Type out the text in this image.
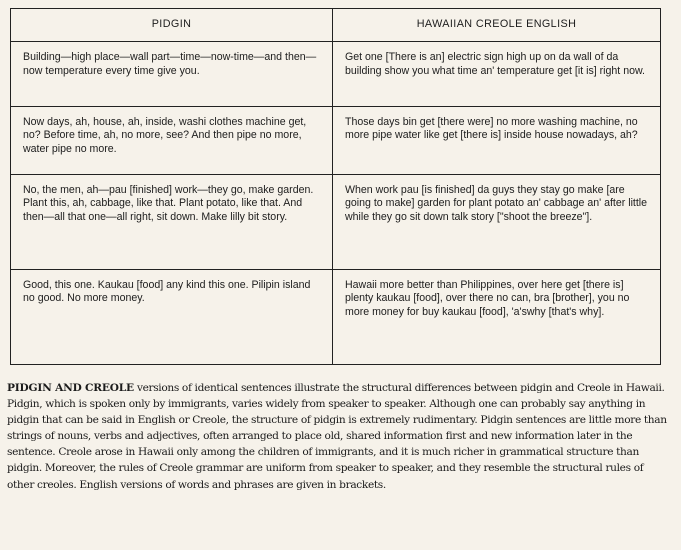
PIDGIN	HAWAIIAN CREOLE ENGLISH
Building—high place—wall part—time—now-time—and then—now temperature every time give you.	Get one [There is an] electric sign high up on da wall of da building show you what time an' temperature get [it is] right now.
Now days, ah, house, ah, inside, washi clothes machine get, no? Before time, ah, no more, see? And then pipe no more, water pipe no more.	Those days bin get [there were] no more washing machine, no more pipe water like get [there is] inside house nowadays, ah?
No, the men, ah—pau [finished] work—they go, make garden. Plant this, ah, cabbage, like that. Plant potato, like that. And then—all that one—all right, sit down. Make lilly bit story.	When work pau [is finished] da guys they stay go make [are going to make] garden for plant potato an' cabbage an' after little while they go sit down talk story ["shoot the breeze"].
Good, this one. Kaukau [food] any kind this one. Pilipin island no good. No more money.	Hawaii more better than Philippines, over here get [there is] plenty kaukau [food], over there no can, bra [brother], you no more money for buy kaukau [food], 'a'swhy [that's why].
PIDGIN AND CREOLE versions of identical sentences illustrate the structural differences between pidgin and Creole in Hawaii. Pidgin, which is spoken only by immigrants, varies widely from speaker to speaker. Although one can probably say anything in pidgin that can be said in English or Creole, the structure of pidgin is extremely rudimentary. Pidgin sentences are little more than strings of nouns, verbs and adjectives, often arranged to place old, shared information first and new information later in the sentence. Creole arose in Hawaii only among the children of immigrants, and it is much richer in grammatical structure than pidgin. Moreover, the rules of Creole grammar are uniform from speaker to speaker, and they resemble the structural rules of other creoles. English versions of words and phrases are given in brackets.
